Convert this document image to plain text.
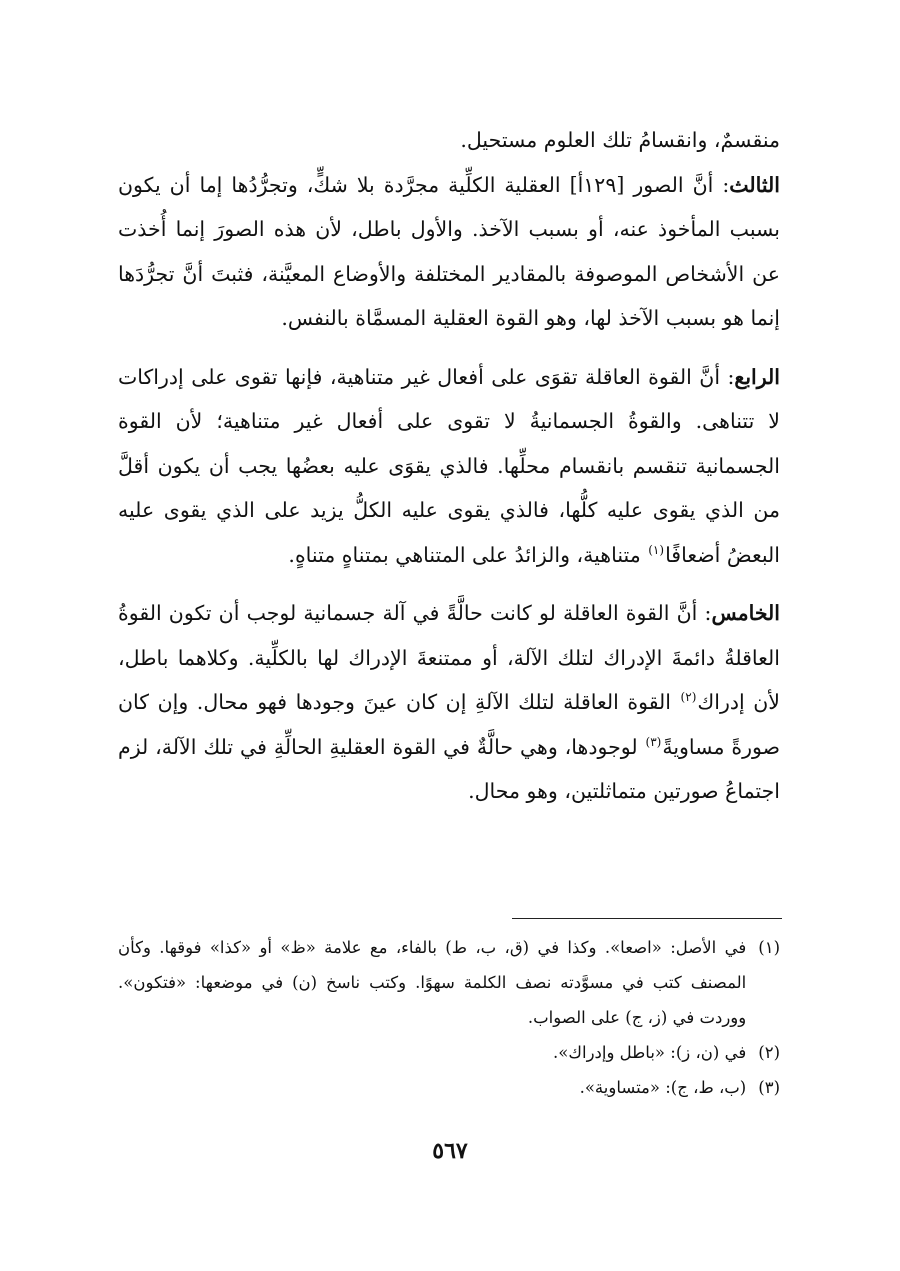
منقسمٌ، وانقسامُ تلك العلوم مستحيل.

الثالث: أنَّ الصور [١٢٩أ] العقلية الكلِّية مجرَّدة بلا شكٍّ، وتجرُّدُها إما أن يكون بسبب المأخوذ عنه، أو بسبب الآخذ. والأول باطل، لأن هذه الصورَ إنما أُخذت عن الأشخاص الموصوفة بالمقادير المختلفة والأوضاع المعيَّنة، فثبتَ أنَّ تجرُّدَها إنما هو بسبب الآخذ لها، وهو القوة العقلية المسمَّاة بالنفس.

الرابع: أنَّ القوة العاقلة تقوَى على أفعال غير متناهية، فإنها تقوى على إدراكات لا تتناهى. والقوةُ الجسمانيةُ لا تقوى على أفعال غير متناهية؛ لأن القوة الجسمانية تنقسم بانقسام محلِّها. فالذي يقوَى عليه بعضُها يجب أن يكون أقلَّ من الذي يقوى عليه كلُّها، فالذي يقوى عليه الكلُّ يزيد على الذي يقوى عليه البعضُ أضعافًا$^{(١)}$ متناهية، والزائدُ على المتناهي بمتناهٍ متناهٍ.

الخامس: أنَّ القوة العاقلة لو كانت حالَّةً في آلة جسمانية لوجب أن تكون القوةُ العاقلةُ دائمةَ الإدراك لتلك الآلة، أو ممتنعةَ الإدراك لها بالكلِّية. وكلاهما باطل، لأن إدراك$^{(٢)}$ القوة العاقلة لتلك الآلةِ إن كان عينَ وجودها فهو محال. وإن كان صورةً مساويةً$^{(٣)}$ لوجودها، وهي حالَّةٌ في القوة العقليةِ الحالِّةِ في تلك الآلة، لزم اجتماعُ صورتين متماثلتين، وهو محال.

(١)
في الأصل: «اصعا». وكذا في (ق، ب، ط) بالفاء، مع علامة «ظ» أو «كذا» فوقها. وكأن المصنف كتب في مسوَّدته نصف الكلمة سهوًا. وكتب ناسخ (ن) في موضعها: «فتكون». ووردت في (ز، ج) على الصواب.

(٢)
في (ن، ز): «باطل وإدراك».

(٣)
(ب، ط، ج): «متساوية».

٥٦٧
